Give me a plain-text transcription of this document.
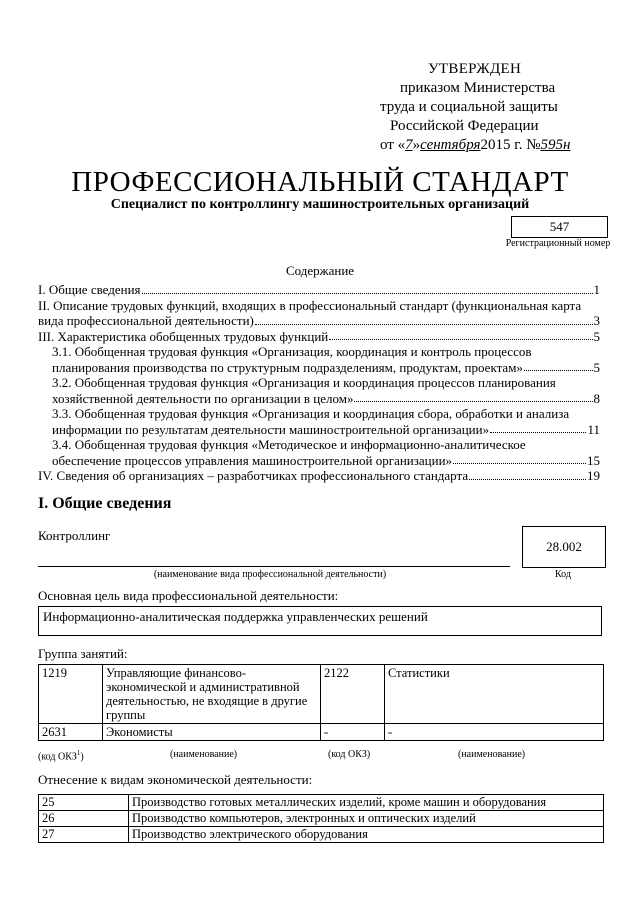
УТВЕРЖДЕН
приказом Министерства
труда и социальной защиты
Российской Федерации
от «7»сентября2015 г. №595н
ПРОФЕССИОНАЛЬНЫЙ СТАНДАРТ
Специалист по контроллингу машиностроительных организаций
547
Регистрационный номер
Содержание
I. Общие сведения	1
II. Описание трудовых функций, входящих в профессиональный стандарт (функциональная карта
вида профессиональной деятельности)	3
III. Характеристика обобщенных трудовых функций	5
3.1. Обобщенная трудовая функция «Организация, координация и контроль процессов
планирования производства по структурным подразделениям, продуктам, проектам»	5
3.2. Обобщенная трудовая функция «Организация и координация процессов планирования
хозяйственной деятельности по организации в целом»	8
3.3. Обобщенная трудовая функция «Организация и координация сбора, обработки и анализа
информации по результатам деятельности машиностроительной организации»	11
3.4. Обобщенная трудовая функция «Методическое и информационно-аналитическое
обеспечение процессов управления машиностроительной организации»	15
IV. Сведения об организациях – разработчиках профессионального стандарта	19
I. Общие сведения
Контроллинг
28.002
(наименование вида профессиональной деятельности)	Код
Основная цель вида профессиональной деятельности:
Информационно-аналитическая поддержка управленческих решений
Группа занятий:
1219	Управляющие финансово-экономической и административной деятельностью, не входящие в другие группы	2122	Статистики
2631	Экономисты	-	-
(код ОКЗ$^1$)	(наименование)	(код ОКЗ)	(наименование)
Отнесение к видам экономической деятельности:
25	Производство готовых металлических изделий, кроме машин и оборудования
26	Производство компьютеров, электронных и оптических изделий
27	Производство электрического оборудования
